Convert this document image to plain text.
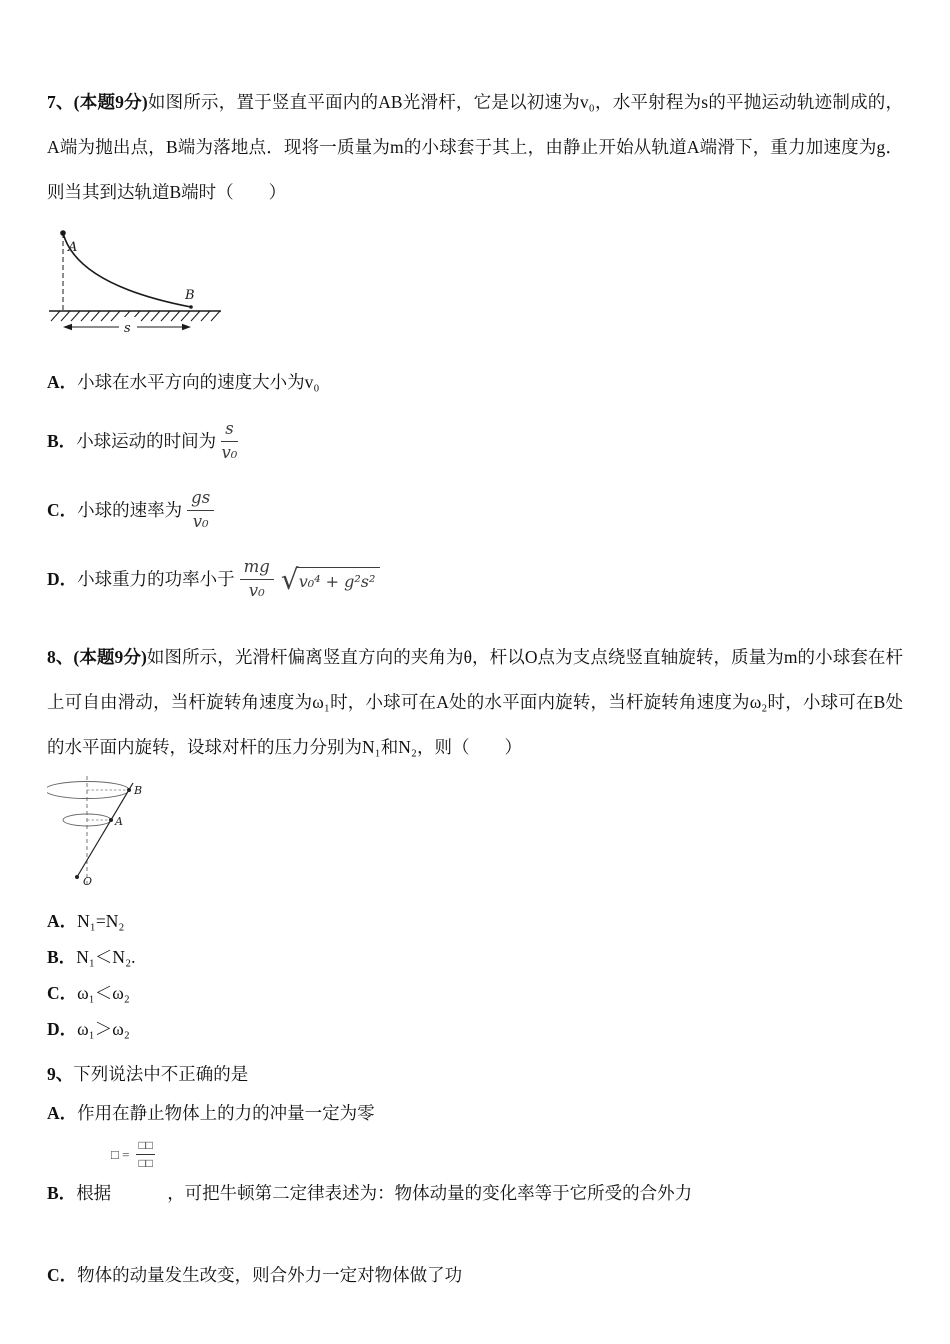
7、(本题9分)如图所示，置于竖直平面内的AB光滑杆，它是以初速为v₀，水平射程为s的平抛运动轨迹制成的，A端为抛出点，B端为落地点．现将一质量为m的小球套于其上，由静止开始从轨道A端滑下，重力加速度为g．则当其到达轨道B端时（　　）

A
B
s
A． 小球在水平方向的速度大小为v₀
B． 小球运动的时间为 $\frac{s}{\text{v₀}}$
C． 小球的速率为 $\frac{gs}{\text{v₀}}$
D． 小球重力的功率小于 $\frac{mg}{\text{v₀}}$ √ v₀⁴ + g²s²

8、(本题9分)如图所示，光滑杆偏离竖直方向的夹角为θ，杆以O点为支点绕竖直轴旋转，质量为m的小球套在杆上可自由滑动，当杆旋转角速度为ω₁时，小球可在A处的水平面内旋转，当杆旋转角速度为ω₂时，小球可在B处的水平面内旋转，设球对杆的压力分别为N₁和N₂，则（　　）

B
A
O
A． N₁=N₂
B． N₁＜N₂.
C． ω₁＜ω₂
D． ω₁＞ω₂

9、下列说法中不正确的是

A． 作用在静止物体上的力的冲量一定为零
B．根据	，可把牛顿第二定律表述为：物体动量的变化率等于它所受的合外力
□ = $\frac{□□}{□□}$
C． 物体的动量发生改变，则合外力一定对物体做了功
